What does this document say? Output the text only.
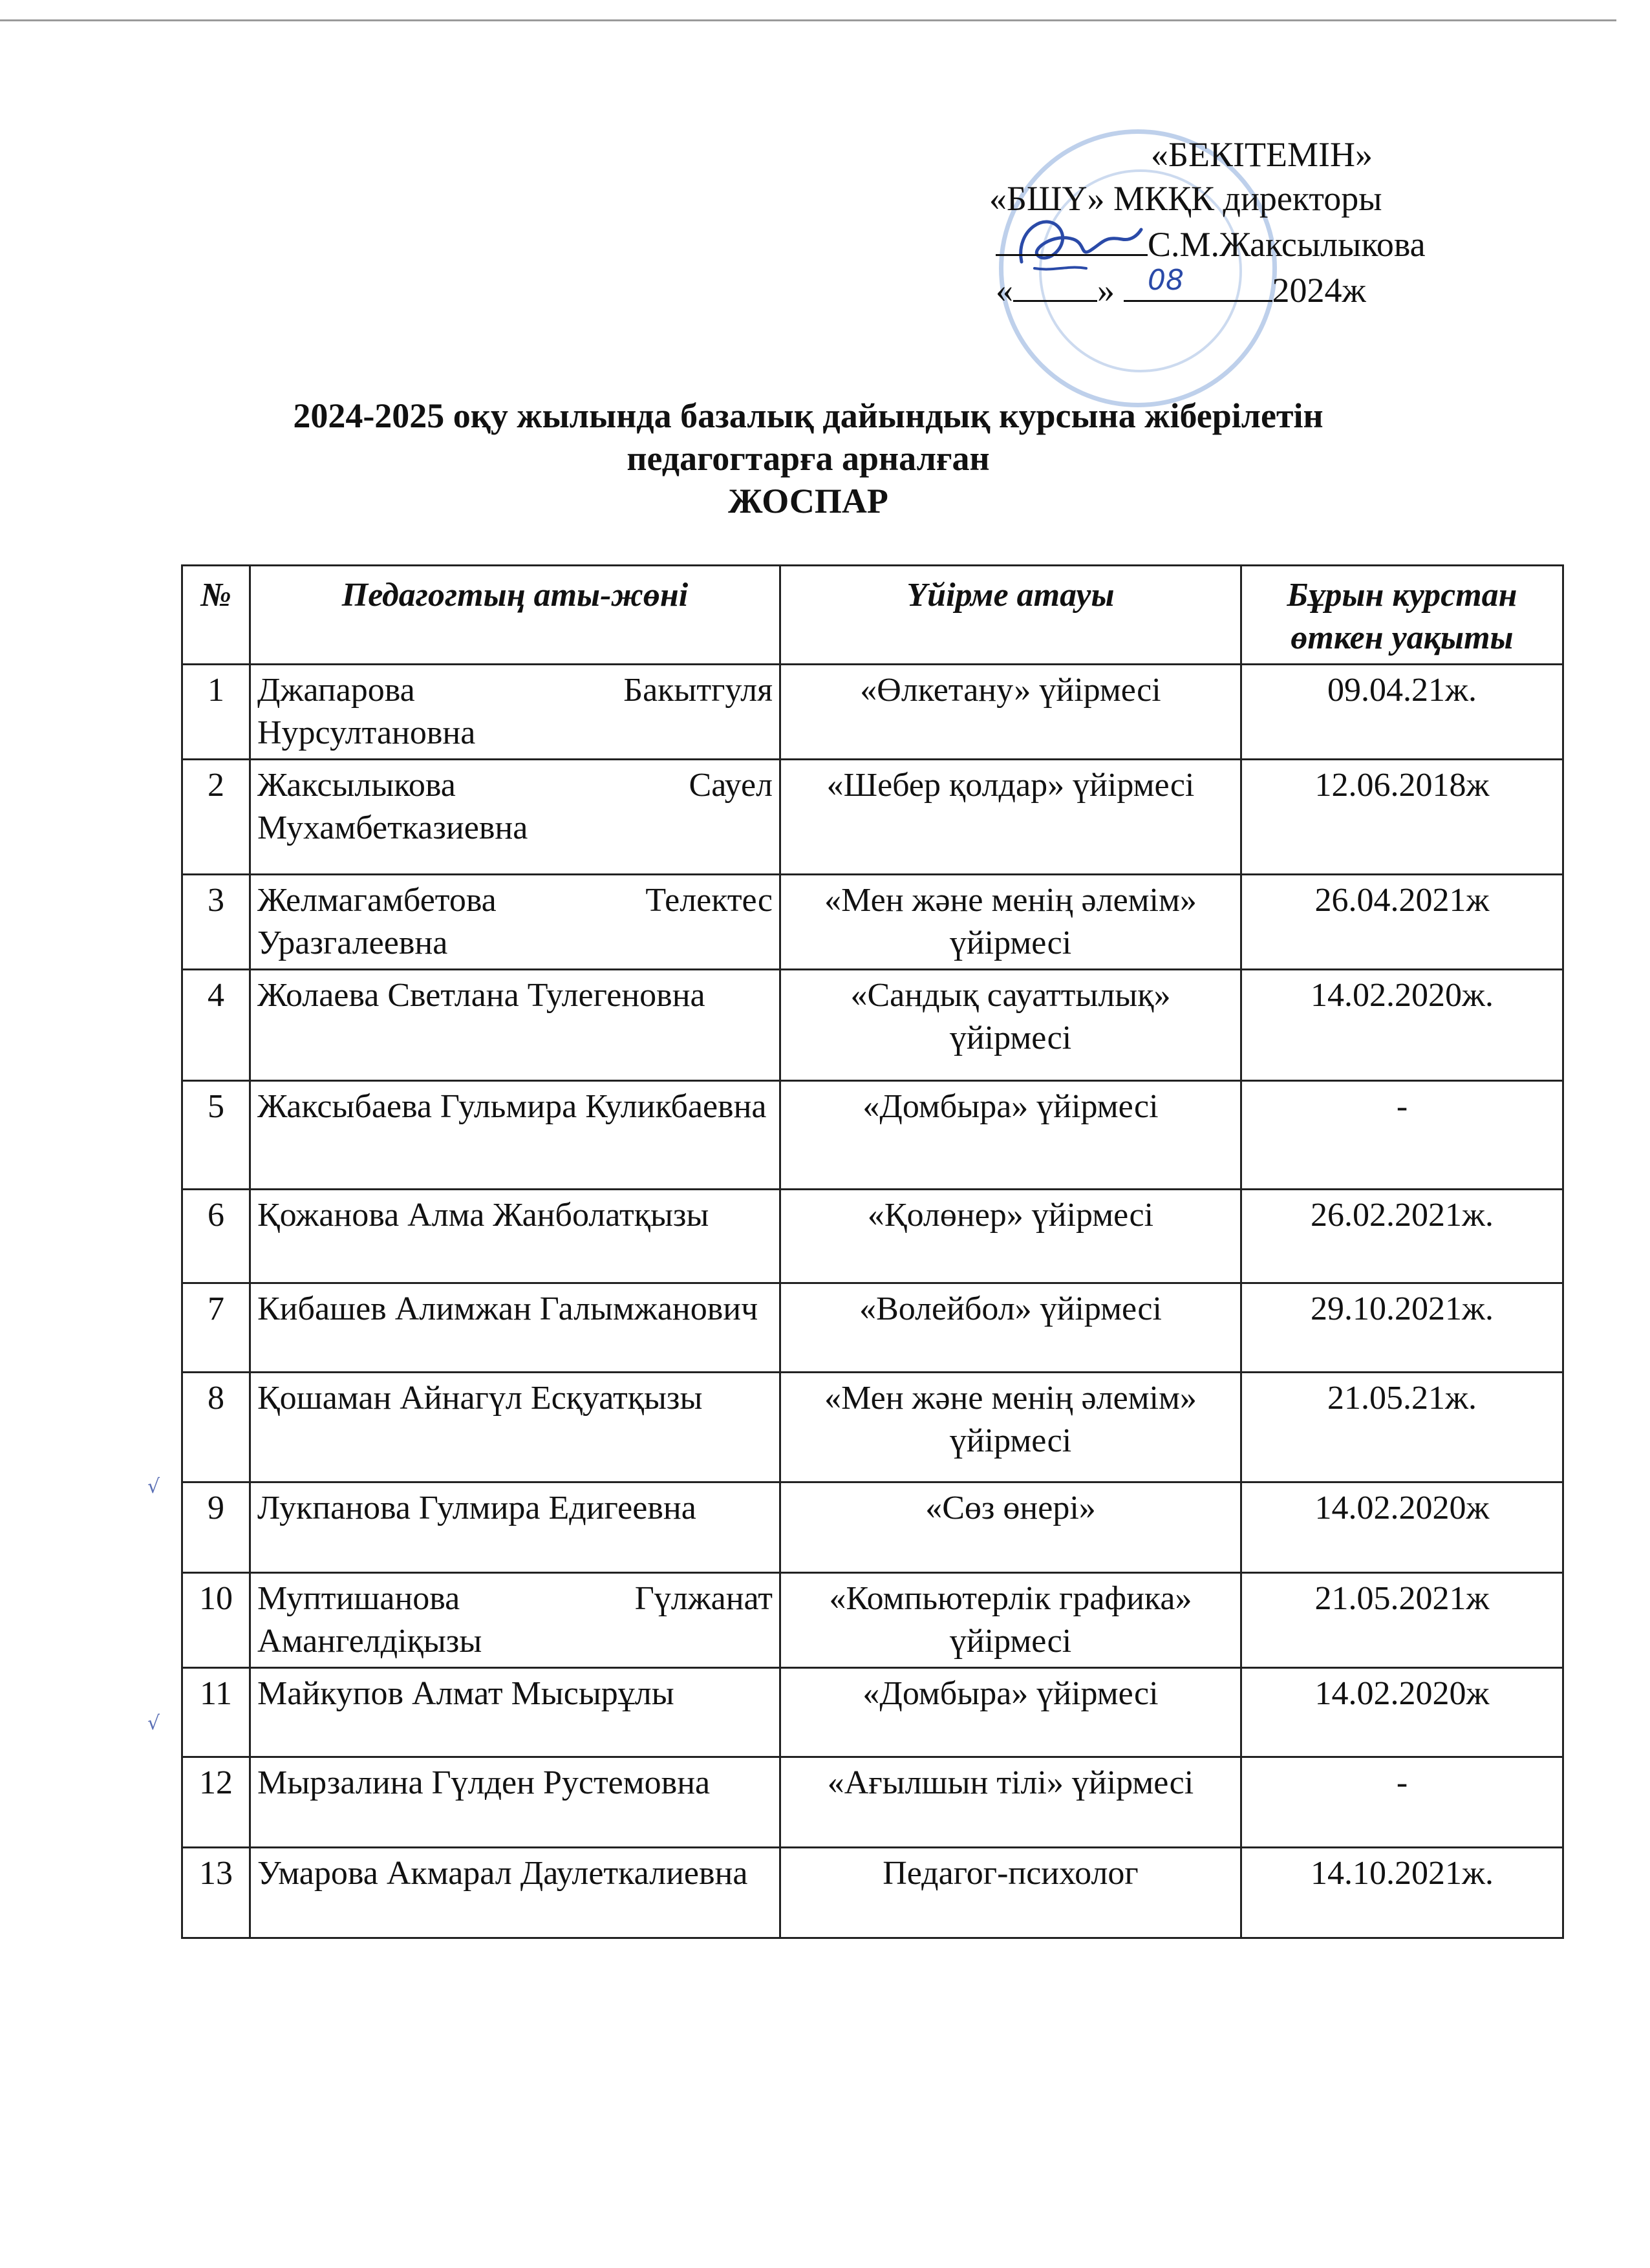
«БЕКІТЕМІН»
«БШҮ» МКҚК директоры
С.М.Жаксылыкова
« »	2024ж
08
2024-2025 оқу жылында базалық дайындық курсына жіберілетін
педагогтарға арналған
ЖОСПАР
№	Педагогтың аты-жөні	Үйірме атауы	Бұрын курстан өткен уақыты
1	Джапарова Бакытгуля Нурсултановна	«Өлкетану» үйірмесі	09.04.21ж.
2	Жаксылыкова Сауел Мухамбетказиевна	«Шебер қолдар» үйірмесі	12.06.2018ж
3	Желмагамбетова Телектес Уразгалеевна	«Мен және менің әлемім» үйірмесі	26.04.2021ж
4	Жолаева Светлана Тулегеновна	«Сандық сауаттылық» үйірмесі	14.02.2020ж.
5	Жаксыбаева Гульмира Куликбаевна	«Домбыра» үйірмесі	-
6	Қожанова Алма Жанболатқызы	«Қолөнер» үйірмесі	26.02.2021ж.
7	Кибашев Алимжан Галымжанович	«Волейбол» үйірмесі	29.10.2021ж.
8	Қошаман Айнагүл Есқуатқызы	«Мен және менің әлемім» үйірмесі	21.05.21ж.
9	Лукпанова Гулмира Едигеевна	«Сөз өнері»	14.02.2020ж
10	Муптишанова Гүлжанат Амангелдіқызы	«Компьютерлік графика» үйірмесі	21.05.2021ж
11	Майкупов Алмат Мысырұлы	«Домбыра» үйірмесі	14.02.2020ж
12	Мырзалина Гүлден Рустемовна	«Ағылшын тілі» үйірмесі	-
13	Умарова Акмарал Даулеткалиевна	Педагог-психолог	14.10.2021ж.
√
√
